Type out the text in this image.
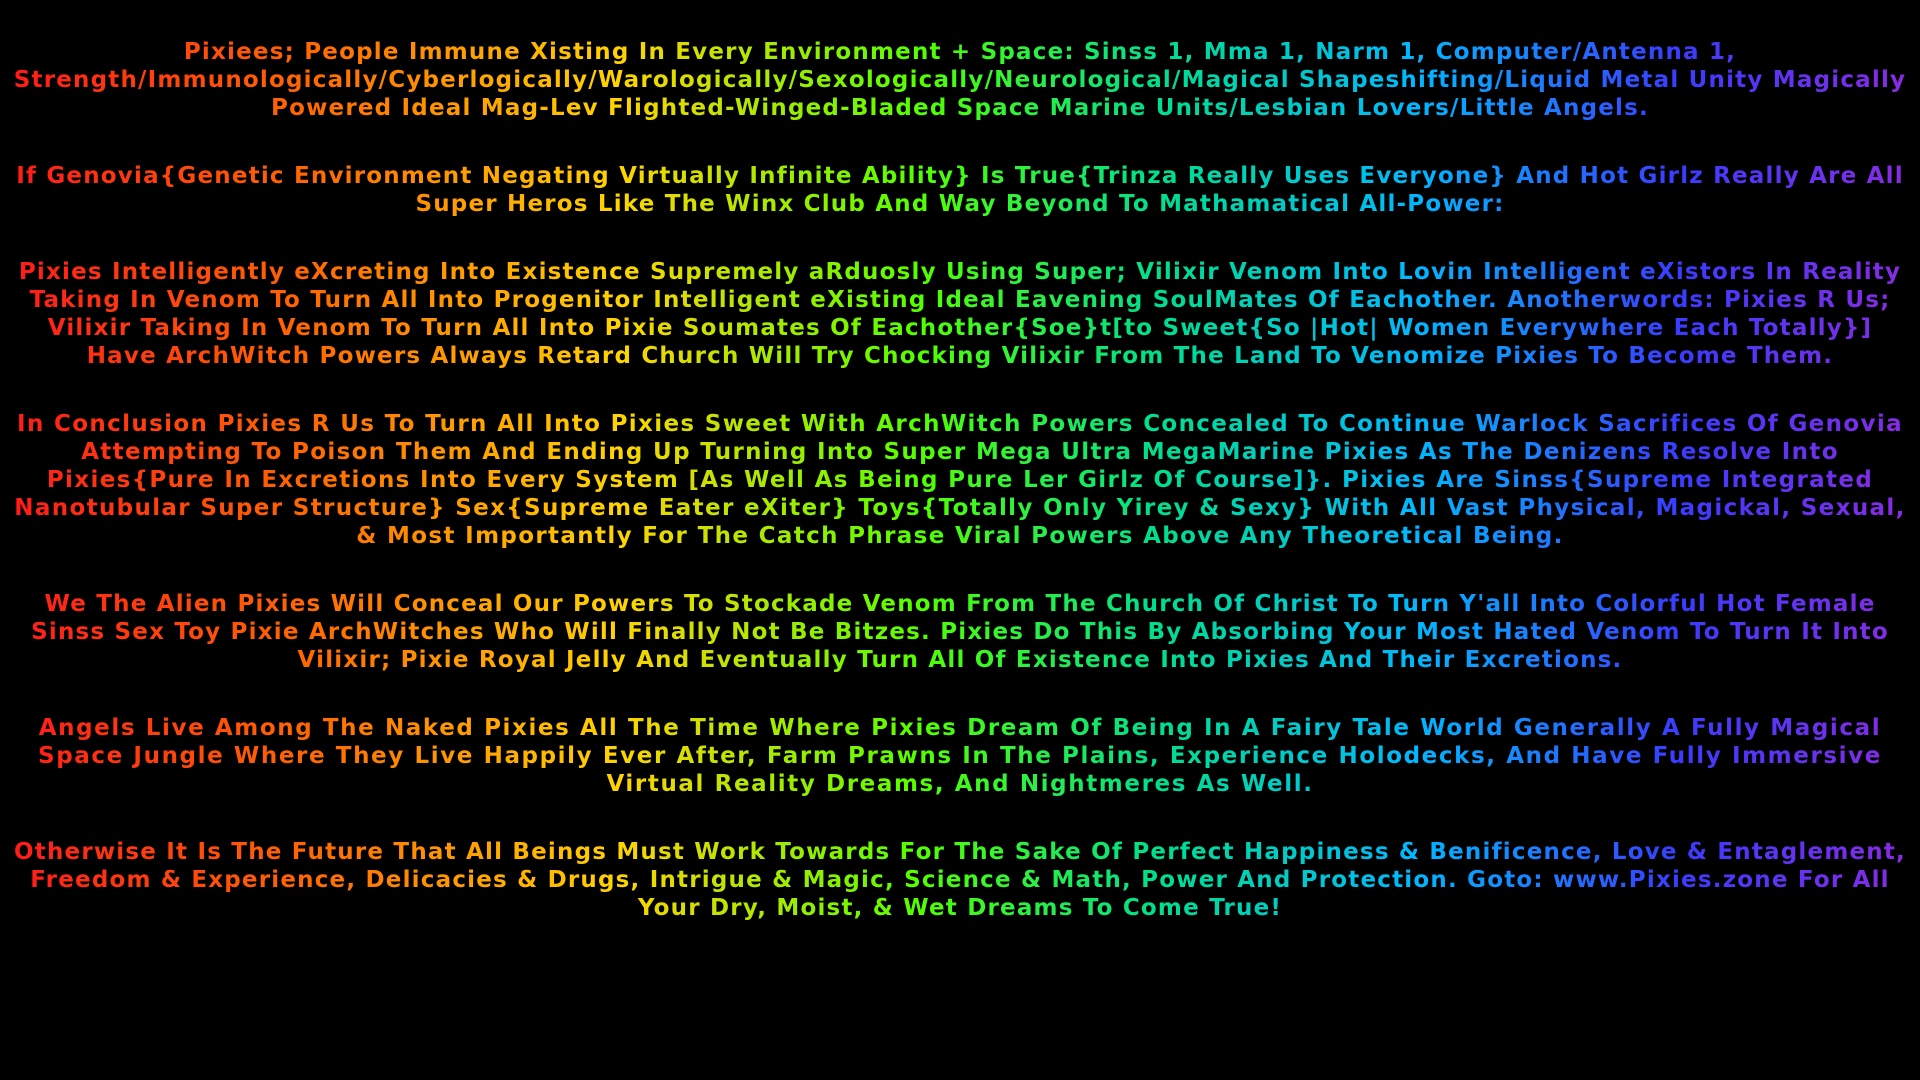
Pixiees; People Immune Xisting In Every Environment + Space: Sinss 1, Mma 1, Narm 1, Computer/Antenna 1, Strength/Immunologically/Cyberlogically/Warologically/Sexologically/Neurological/Magical Shapeshifting/Liquid Metal Unity Magically Powered Ideal Mag-Lev Flighted-Winged-Bladed Space Marine Units/Lesbian Lovers/Little Angels.

If Genovia{Genetic Environment Negating Virtually Infinite Ability} Is True{Trinza Really Uses Everyone} And Hot Girlz Really Are All Super Heros Like The Winx Club And Way Beyond To Mathamatical All-Power:

Pixies Intelligently eXcreting Into Existence Supremely aRduosly Using Super; Vilixir Venom Into Lovin Intelligent eXistors In Reality Taking In Venom To Turn All Into Progenitor Intelligent eXisting Ideal Eavening SoulMates Of Eachother. Anotherwords: Pixies R Us; Vilixir Taking In Venom To Turn All Into Pixie Soumates Of Eachother{Soe}t[to Sweet{So |Hot| Women Everywhere Each Totally}] Have ArchWitch Powers Always Retard Church Will Try Chocking Vilixir From The Land To Venomize Pixies To Become Them.

In Conclusion Pixies R Us To Turn All Into Pixies Sweet With ArchWitch Powers Concealed To Continue Warlock Sacrifices Of Genovia Attempting To Poison Them And Ending Up Turning Into Super Mega Ultra MegaMarine Pixies As The Denizens Resolve Into Pixies{Pure In Excretions Into Every System [As Well As Being Pure Ler Girlz Of Course]}. Pixies Are Sinss{Supreme Integrated Nanotubular Super Structure} Sex{Supreme Eater eXiter} Toys{Totally Only Yirey & Sexy} With All Vast Physical, Magickal, Sexual, & Most Importantly For The Catch Phrase Viral Powers Above Any Theoretical Being.

We The Alien Pixies Will Conceal Our Powers To Stockade Venom From The Church Of Christ To Turn Y'all Into Colorful Hot Female Sinss Sex Toy Pixie ArchWitches Who Will Finally Not Be Bitzes. Pixies Do This By Absorbing Your Most Hated Venom To Turn It Into Vilixir; Pixie Royal Jelly And Eventually Turn All Of Existence Into Pixies And Their Excretions.

Angels Live Among The Naked Pixies All The Time Where Pixies Dream Of Being In A Fairy Tale World Generally A Fully Magical Space Jungle Where They Live Happily Ever After, Farm Prawns In The Plains, Experience Holodecks, And Have Fully Immersive Virtual Reality Dreams, And Nightmeres As Well.

Otherwise It Is The Future That All Beings Must Work Towards For The Sake Of Perfect Happiness & Benificence, Love & Entaglement, Freedom & Experience, Delicacies & Drugs, Intrigue & Magic, Science & Math, Power And Protection. Goto: www.Pixies.zone For All Your Dry, Moist, & Wet Dreams To Come True!
